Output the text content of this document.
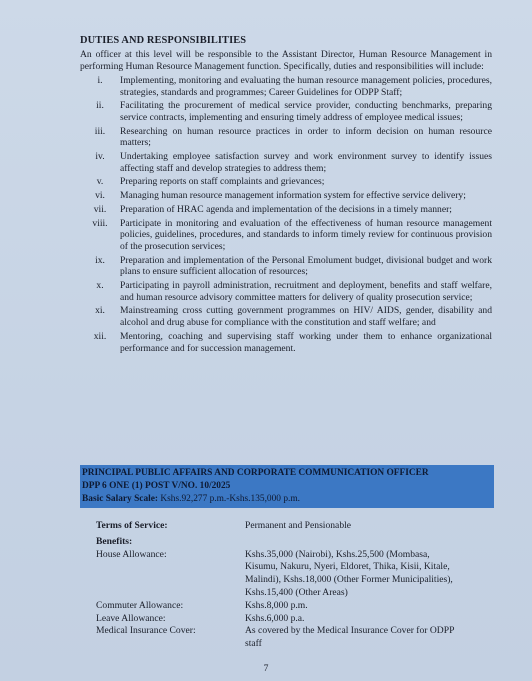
DUTIES AND RESPONSIBILITIES
An officer at this level will be responsible to the Assistant Director, Human Resource Management in performing Human Resource Management function. Specifically, duties and responsibilities will include:
i.	Implementing, monitoring and evaluating the human resource management policies, procedures, strategies, standards and programmes; Career Guidelines for ODPP Staff;
ii.	Facilitating the procurement of medical service provider, conducting benchmarks, preparing service contracts, implementing and ensuring timely address of employee medical issues;
iii.	Researching on human resource practices in order to inform decision on human resource matters;
iv.	Undertaking employee satisfaction survey and work environment survey to identify issues affecting staff and develop strategies to address them;
v.	Preparing reports on staff complaints and grievances;
vi.	Managing human resource management information system for effective service delivery;
vii.	Preparation of HRAC agenda and implementation of the decisions in a timely manner;
viii.	Participate in monitoring and evaluation of the effectiveness of human resource management policies, guidelines, procedures, and standards to inform timely review for continuous provision of the prosecution services;
ix.	Preparation and implementation of the Personal Emolument budget, divisional budget and work plans to ensure sufficient allocation of resources;
x.	Participating in payroll administration, recruitment and deployment, benefits and staff welfare, and human resource advisory committee matters for delivery of quality prosecution service;
xi.	Mainstreaming cross cutting government programmes on HIV/ AIDS, gender, disability and alcohol and drug abuse for compliance with the constitution and staff welfare; and
xii.	Mentoring, coaching and supervising staff working under them to enhance organizational performance and for succession management.
PRINCIPAL PUBLIC AFFAIRS AND CORPORATE COMMUNICATION OFFICER
DPP 6 ONE (1) POST V/NO. 10/2025
Basic Salary Scale: Kshs.92,277 p.m.-Kshs.135,000 p.m.
Terms of Service:	Permanent and Pensionable
Benefits:
House Allowance:	Kshs.35,000 (Nairobi), Kshs.25,500 (Mombasa,
Kisumu, Nakuru, Nyeri, Eldoret, Thika, Kisii, Kitale,
Malindi), Kshs.18,000 (Other Former Municipalities),
Kshs.15,400 (Other Areas)
Commuter Allowance:	Kshs.8,000 p.m.
Leave Allowance:	Kshs.6,000 p.a.
Medical Insurance Cover:	As covered by the Medical Insurance Cover for ODPP
staff
7
